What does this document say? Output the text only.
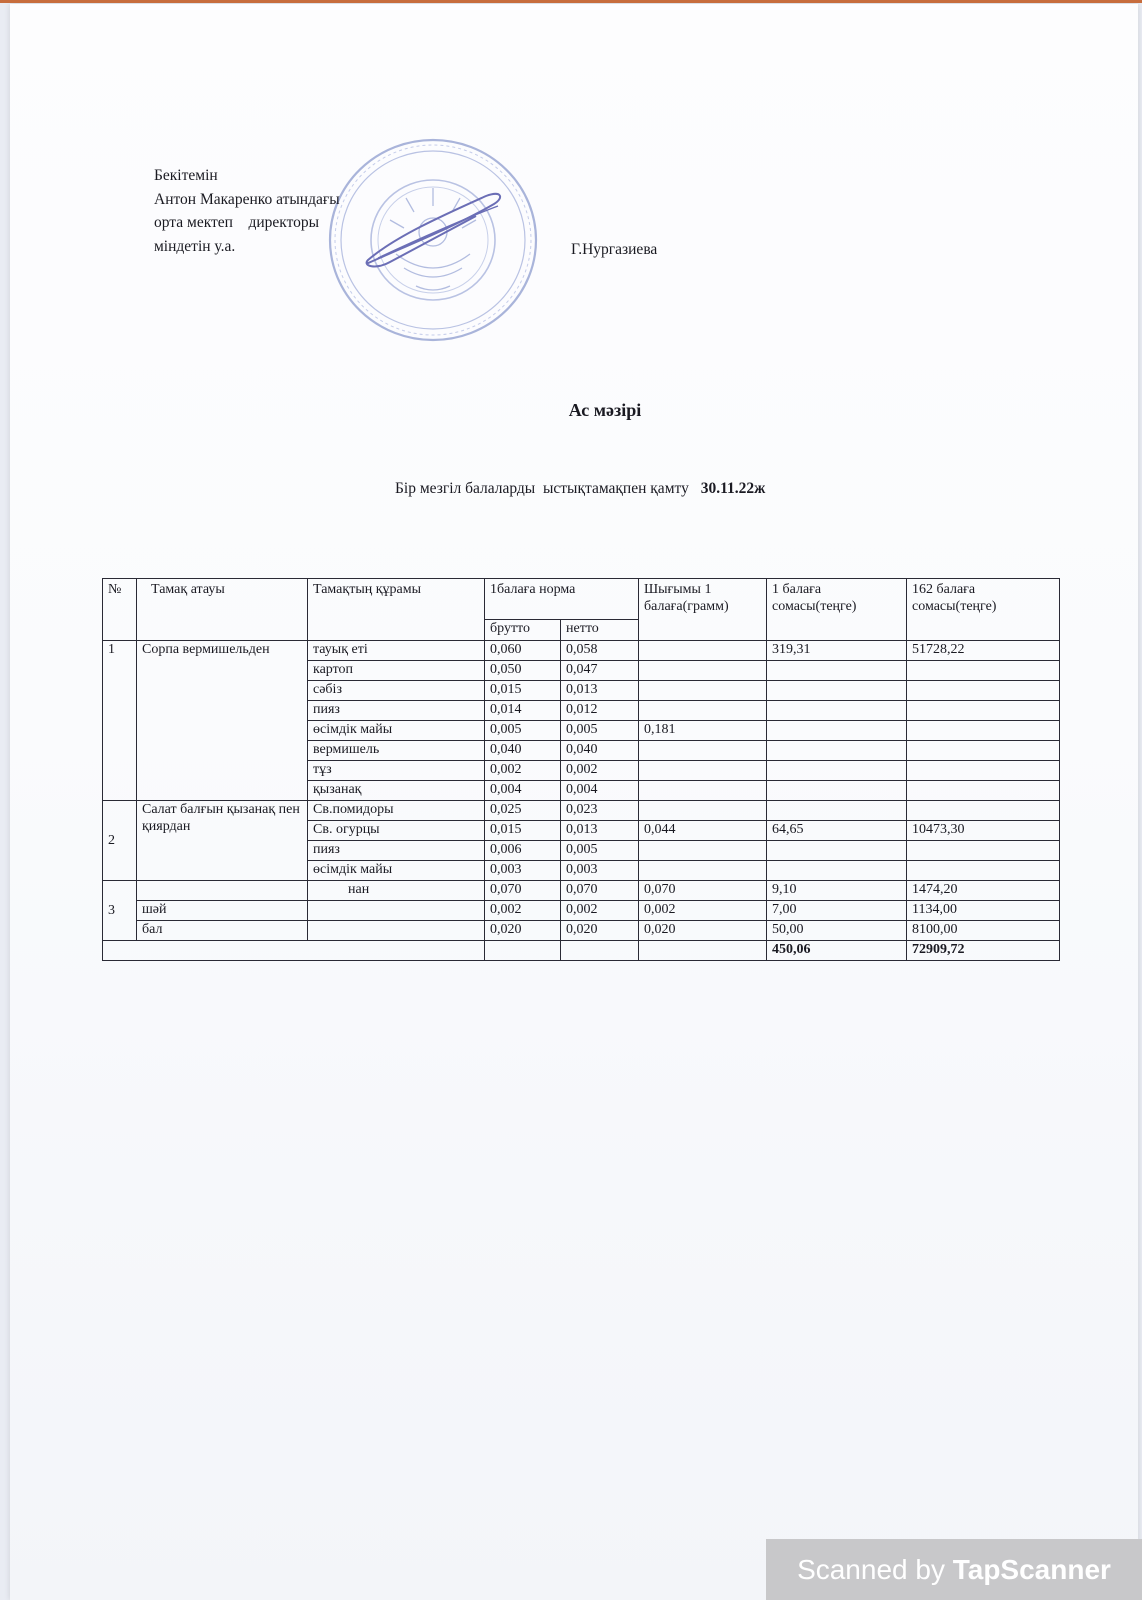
Бекітемін
Антон Макаренко атындағы
орта мектеп    директоры
міндетін у.а.	Г.Нургазиева
Ас мәзірі
Бір мезгіл балаларды  ыстықтамақпен қамту 30.11.22ж
№	Тамақ атауы	Тамақтың құрамы	1балаға норма		Шығымы 1 балаға(грамм)	1 балаға сомасы(теңге)	162 балаға сомасы(теңге)
			брутто	нетто			
1	Сорпа вермишельден	тауық еті	0,060	0,058		319,31	51728,22
		картоп	0,050	0,047			
		сәбіз	0,015	0,013			
		пияз	0,014	0,012			
		өсімдік майы	0,005	0,005	0,181		
		вермишель	0,040	0,040			
		тұз	0,002	0,002			
		қызанақ	0,004	0,004			
2	Салат балғын қызанақ пен қиярдан	Св.помидоры	0,025	0,023			
		Св. огурцы	0,015	0,013	0,044	64,65	10473,30
		пияз	0,006	0,005			
		өсімдік майы	0,003	0,003			
3		нан	0,070	0,070	0,070	9,10	1474,20
	шәй		0,002	0,002	0,002	7,00	1134,00
	бал		0,020	0,020	0,020	50,00	8100,00
						450,06	72909,72
Scanned by TapScanner
